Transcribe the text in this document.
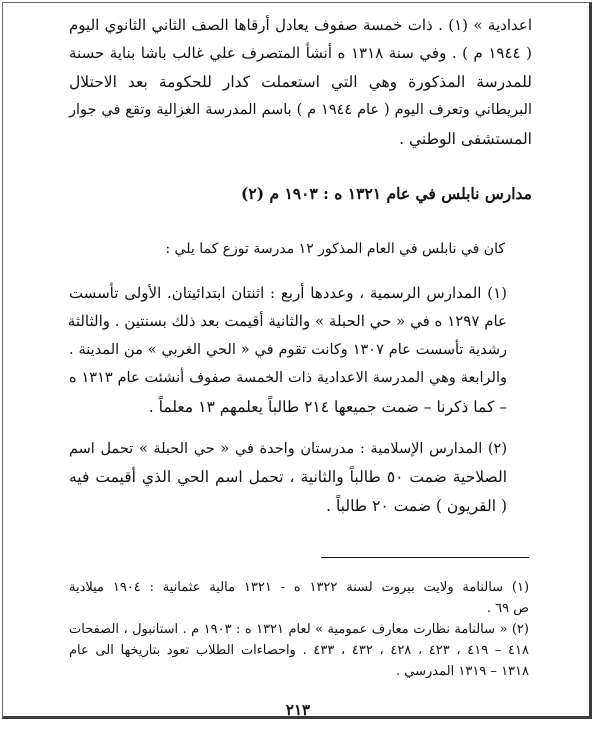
اعدادية » (١) . ذات خمسة صفوف يعادل أرقاها الصف الثاني الثانوي اليوم
( ١٩٤٤ م ) . وفي سنة ١٣١٨ ه أنشأ المتصرف علي غالب باشا بناية حسنة
للمدرسة المذكورة وهي التي استعملت كدار للحكومة بعد الاحتلال
البريطاني وتعرف اليوم ( عام ١٩٤٤ م ) باسم المدرسة الغزالية وتقع في جوار
المستشفى الوطني .
مدارس نابلس في عام ١٣٢١ ه : ١٩٠٣ م (٢)
كان في نابلس في العام المذكور ١٢ مدرسة توزع كما يلي :
(١) المدارس الرسمية ، وعددها أربع : اثنتان ابتدائيتان. الأولى تأسست
عام ١٢٩٧ ه في « حي الحبلة » والثانية أقيمت بعد ذلك بسنتين . والثالثة
رشدية تأسست عام ١٣٠٧ وكانت تقوم في « الحي الغربي » من المدينة .
والرابعة وهي المدرسة الاعدادية ذات الخمسة صفوف أنشئت عام ١٣١٣ ه
– كما ذكرنا – ضمت جميعها ٢١٤ طالباً يعلمهم ١٣ معلماً .
(٢) المدارس الإسلامية : مدرستان واحدة في « حي الحبلة » تحمل اسم
الصلاحية ضمت ٥٠ طالباً والثانية ، تحمل اسم الحي الذي أقيمت فيه
( القريون ) ضمت ٢٠ طالباً .
(١) سالنامة ولايت بيروت لسنة ١٣٢٢ ه - ١٣٢١ مالية عثمانية : ١٩٠٤ ميلادية
ص ٦٩ .
(٢) « سالنامة نظارت معارف عمومية » لعام ١٣٢١ ه : ١٩٠٣ م . استانبول ، الصفحات
٤١٨ – ٤١٩ ، ٤٢٣ ، ٤٢٨ ، ٤٣٢ ، ٤٣٣ . واحصاءات الطلاب تعود بتاريخها الى عام
١٣١٨ – ١٣١٩ المدرسي .
٢١٣
